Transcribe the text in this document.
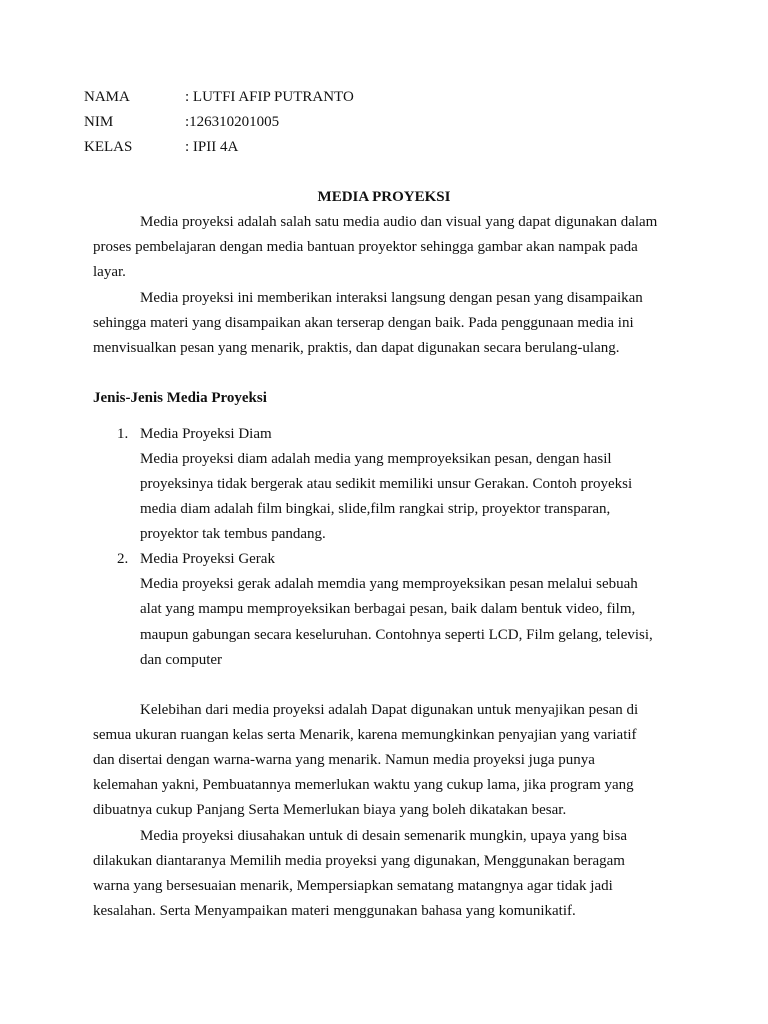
NAMA	: LUTFI AFIP PUTRANTO
NIM	:126310201005
KELAS	: IPII 4A
MEDIA PROYEKSI
Media proyeksi adalah salah satu media audio dan visual yang dapat digunakan dalam
proses pembelajaran dengan media bantuan proyektor sehingga gambar akan nampak pada
layar.
Media proyeksi ini memberikan interaksi langsung dengan pesan yang disampaikan
sehingga materi yang disampaikan akan terserap dengan baik. Pada penggunaan media ini
menvisualkan pesan yang menarik, praktis, dan dapat digunakan secara berulang-ulang.
Jenis-Jenis Media Proyeksi
1. Media Proyeksi Diam
Media proyeksi diam adalah media yang memproyeksikan pesan, dengan hasil
proyeksinya tidak bergerak atau sedikit memiliki unsur Gerakan. Contoh proyeksi
media diam adalah film bingkai, slide,film rangkai strip, proyektor transparan,
proyektor tak tembus pandang.
2. Media Proyeksi Gerak
Media proyeksi gerak adalah memdia yang memproyeksikan pesan melalui sebuah
alat yang mampu memproyeksikan berbagai pesan, baik dalam bentuk video, film,
maupun gabungan secara keseluruhan. Contohnya seperti LCD, Film gelang, televisi,
dan computer
Kelebihan dari media proyeksi adalah Dapat digunakan untuk menyajikan pesan di
semua ukuran ruangan kelas serta Menarik, karena memungkinkan penyajian yang variatif
dan disertai dengan warna-warna yang menarik. Namun media proyeksi juga punya
kelemahan yakni, Pembuatannya memerlukan waktu yang cukup lama, jika program yang
dibuatnya cukup Panjang Serta Memerlukan biaya yang boleh dikatakan besar.
Media proyeksi diusahakan untuk di desain semenarik mungkin, upaya yang bisa
dilakukan diantaranya Memilih media proyeksi yang digunakan, Menggunakan beragam
warna yang bersesuaian menarik, Mempersiapkan sematang matangnya agar tidak jadi
kesalahan. Serta Menyampaikan materi menggunakan bahasa yang komunikatif.
